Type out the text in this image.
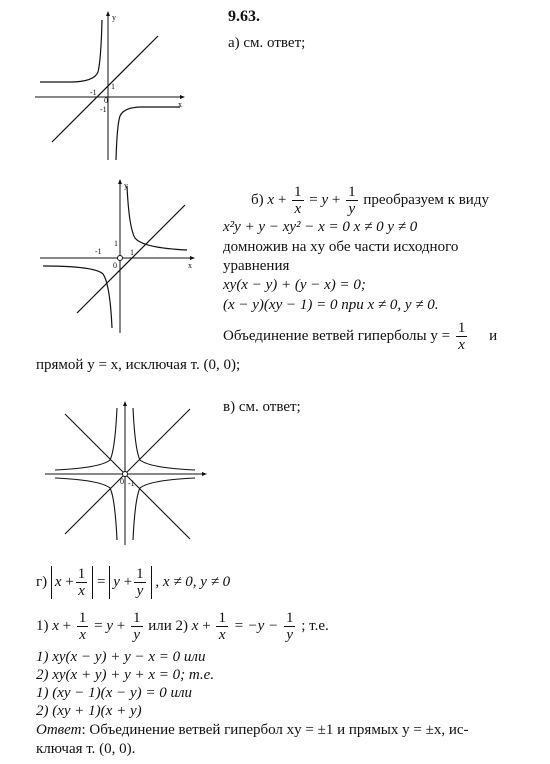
9.63.
а) см. ответ;
y
x
1
-1
-1
0
б) $x + \frac{1}{x} = y + \frac{1}{y}$ преобразуем к виду
x²y + y − xy² − x = 0 x ≠ 0 y ≠ 0
домножив на xy обе части исходного
уравнения
xy(x − y) + (y − x) = 0;
(x − y)(xy − 1) = 0 при x ≠ 0, y ≠ 0.
Объединение ветвей гиперболы $y = \frac{1}{x}$ и
прямой y = x, исключая т. (0, 0);
y
x
1
1
-1
0
в) см. ответ;
0 -1
г) $x + \frac{1}{x} = y + \frac{1}{y}$ , x ≠ 0, y ≠ 0
1) $x + \frac{1}{x} = y + \frac{1}{y}$ или 2) $x + \frac{1}{x} = -y - \frac{1}{y}$ ; т.е.
1) xy(x − y) + y − x = 0 или
2) xy(x + y) + y + x = 0; т.е.
1) (xy − 1)(x − y) = 0 или
2) (xy + 1)(x + y)
Ответ: Объединение ветвей гипербол xy = ±1 и прямых y = ±x, ис-
ключая т. (0, 0).
